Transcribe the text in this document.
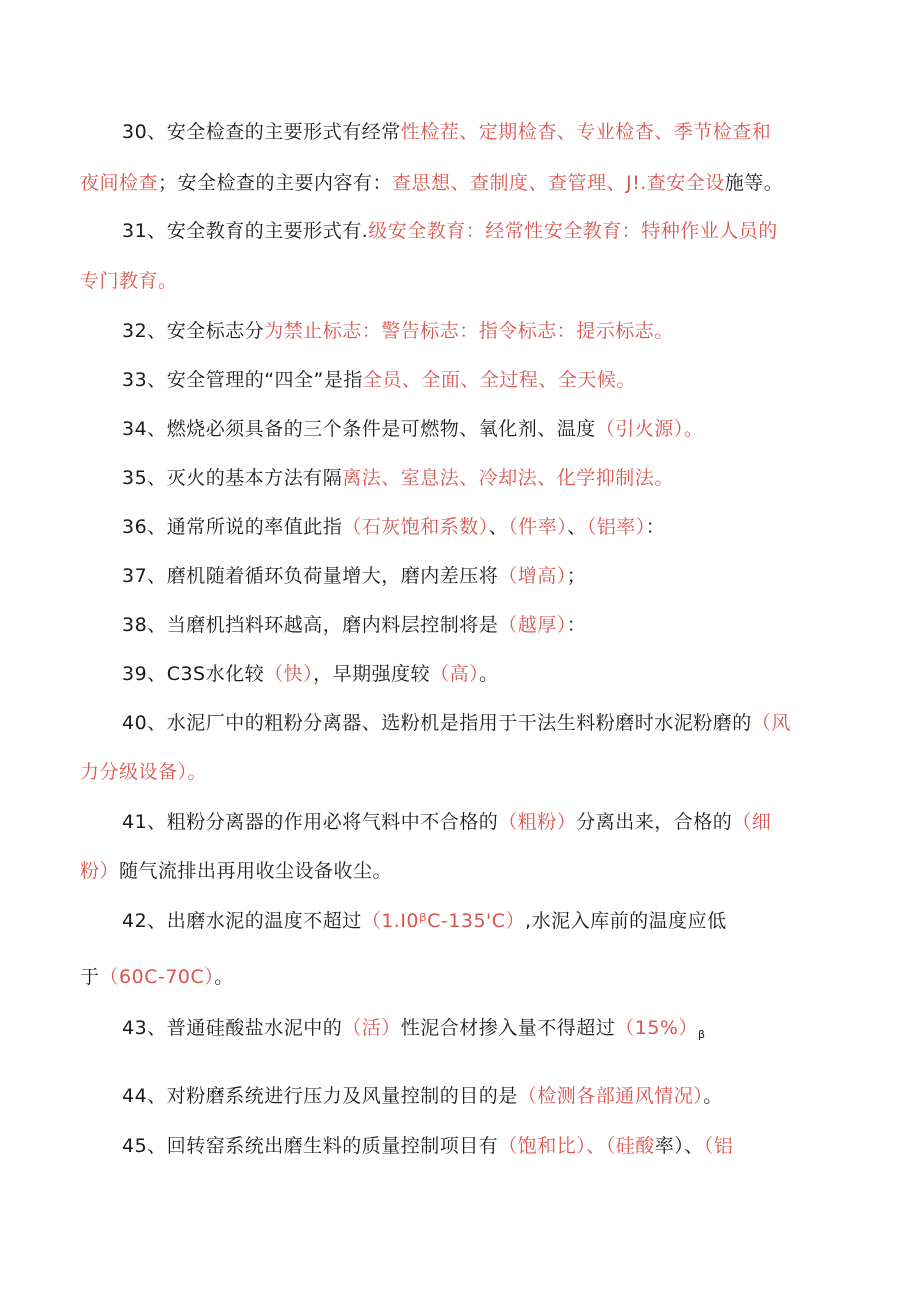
30、安全检查的主要形式有经常性检茬、定期检杳、专业检杳、季节检查和
夜间检查；安全检查的主要内容有：查思想、查制度、查管理、J!.查安全设施等。
31、安全教育的主要形式有.级安全教育：经常性安全教育：特种作业人员的
专门教育。
32、安全标志分为禁止标志：警告标志：指令标志：提示标志。
33、安全管理的“四全”是指全员、全面、全过程、全天候。
34、燃烧必须具备的三个条件是可燃物、氧化剂、温度（引火源）。
35、灭火的基本方法有隔离法、室息法、冷却法、化学抑制法。
36、通常所说的率值此指（石灰饱和系数）、（件率）、（铝率）：
37、磨机随着循环负荷量增大，磨内差压将（增高）；
38、当磨机挡料环越高，磨内料层控制将是（越厚）：
39、C3S水化较（快），早期强度较（高）。
40、水泥厂中的粗粉分离器、选粉机是指用于干法生料粉磨时水泥粉磨的（风
力分级设备）。
41、粗粉分离器的作用必将气料中不合格的（粗粉）分离出来，合格的（细
粉）随气流排出再用收尘设备收尘。
42、出磨水泥的温度不超过（1.I0ᵝC-135'C）,水泥入库前的温度应低
于（60C-70C）。
43、普通硅酸盐水泥中的（活）性泥合材掺入量不得超过$(15\%)_\beta$
44、对粉磨系统进行压力及风量控制的目的是（检测各部通风情况）。
45、回转窑系统出磨生料的质量控制项目有（饱和比）、（硅酸率）、（铝
